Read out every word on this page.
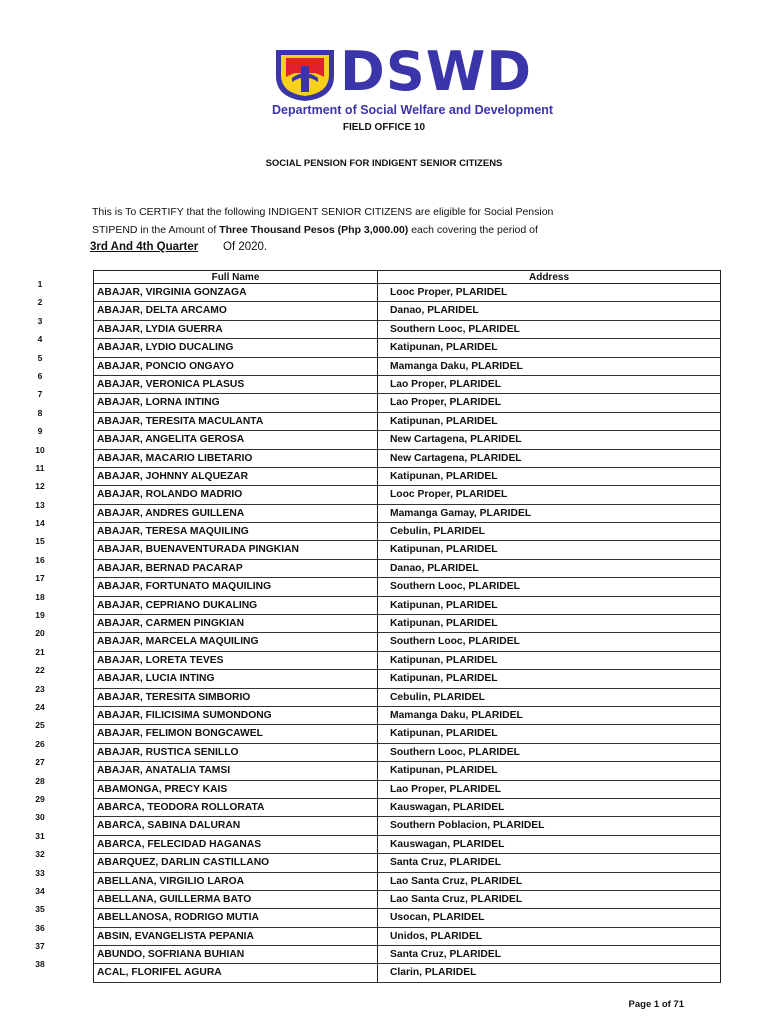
DSWD
Department of Social Welfare and Development
FIELD OFFICE 10
SOCIAL PENSION FOR INDIGENT SENIOR CITIZENS
This is To CERTIFY that the following INDIGENT SENIOR CITIZENS are eligible for Social Pension
STIPEND in the Amount of Three Thousand Pesos (Php 3,000.00) each covering the period of
3rd And 4th Quarter Of 2020.
Full Name	Address
1
ABAJAR, VIRGINIA GONZAGA	Looc Proper, PLARIDEL
2
ABAJAR, DELTA ARCAMO	Danao, PLARIDEL
3
ABAJAR, LYDIA GUERRA	Southern Looc, PLARIDEL
4
ABAJAR, LYDIO DUCALING	Katipunan, PLARIDEL
5
ABAJAR, PONCIO ONGAYO	Mamanga Daku, PLARIDEL
6
ABAJAR, VERONICA PLASUS	Lao Proper, PLARIDEL
7
ABAJAR, LORNA INTING	Lao Proper, PLARIDEL
8
ABAJAR, TERESITA MACULANTA	Katipunan, PLARIDEL
9
ABAJAR, ANGELITA GEROSA	New Cartagena, PLARIDEL
10
ABAJAR, MACARIO LIBETARIO	New Cartagena, PLARIDEL
11
ABAJAR, JOHNNY ALQUEZAR	Katipunan, PLARIDEL
12
ABAJAR, ROLANDO MADRIO	Looc Proper, PLARIDEL
13
ABAJAR, ANDRES GUILLENA	Mamanga Gamay, PLARIDEL
14
ABAJAR, TERESA MAQUILING	Cebulin, PLARIDEL
15
ABAJAR, BUENAVENTURADA PINGKIAN	Katipunan, PLARIDEL
16
ABAJAR, BERNAD PACARAP	Danao, PLARIDEL
17
ABAJAR, FORTUNATO MAQUILING	Southern Looc, PLARIDEL
18
ABAJAR, CEPRIANO DUKALING	Katipunan, PLARIDEL
19
ABAJAR, CARMEN PINGKIAN	Katipunan, PLARIDEL
20
ABAJAR, MARCELA MAQUILING	Southern Looc, PLARIDEL
21
ABAJAR, LORETA TEVES	Katipunan, PLARIDEL
22
ABAJAR, LUCIA INTING	Katipunan, PLARIDEL
23
ABAJAR, TERESITA SIMBORIO	Cebulin, PLARIDEL
24
ABAJAR, FILICISIMA SUMONDONG	Mamanga Daku, PLARIDEL
25
ABAJAR, FELIMON BONGCAWEL	Katipunan, PLARIDEL
26
ABAJAR, RUSTICA SENILLO	Southern Looc, PLARIDEL
27
ABAJAR, ANATALIA TAMSI	Katipunan, PLARIDEL
28
ABAMONGA, PRECY KAIS	Lao Proper, PLARIDEL
29
ABARCA, TEODORA ROLLORATA	Kauswagan, PLARIDEL
30
ABARCA, SABINA DALURAN	Southern Poblacion, PLARIDEL
31
ABARCA, FELECIDAD HAGANAS	Kauswagan, PLARIDEL
32
ABARQUEZ, DARLIN CASTILLANO	Santa Cruz, PLARIDEL
33
ABELLANA, VIRGILIO LAROA	Lao Santa Cruz, PLARIDEL
34
ABELLANA, GUILLERMA BATO	Lao Santa Cruz, PLARIDEL
35
ABELLANOSA, RODRIGO MUTIA	Usocan, PLARIDEL
36
ABSIN, EVANGELISTA PEPANIA	Unidos, PLARIDEL
37
ABUNDO, SOFRIANA BUHIAN	Santa Cruz, PLARIDEL
38
ACAL, FLORIFEL AGURA	Clarin, PLARIDEL
Page 1 of 71
